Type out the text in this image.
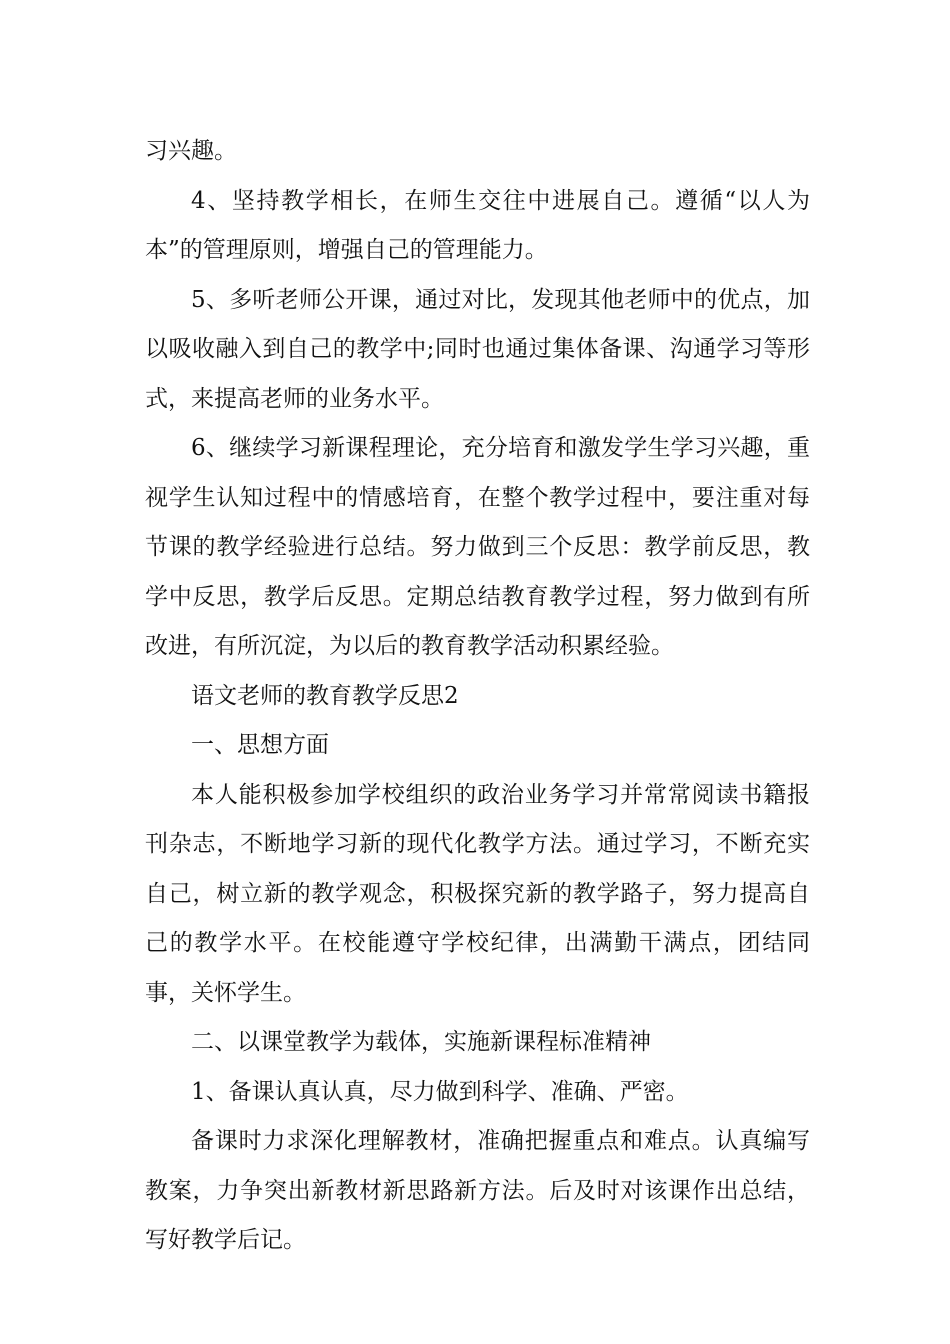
习兴趣。

4、坚持教学相长，在师生交往中进展自己。遵循“以人为本”的管理原则，增强自己的管理能力。

5、多听老师公开课，通过对比，发现其他老师中的优点，加以吸收融入到自己的教学中;同时也通过集体备课、沟通学习等形式，来提高老师的业务水平。

6、继续学习新课程理论，充分培育和激发学生学习兴趣，重视学生认知过程中的情感培育，在整个教学过程中，要注重对每节课的教学经验进行总结。努力做到三个反思：教学前反思，教学中反思，教学后反思。定期总结教育教学过程，努力做到有所改进，有所沉淀，为以后的教育教学活动积累经验。

语文老师的教育教学反思2

一、思想方面

本人能积极参加学校组织的政治业务学习并常常阅读书籍报刊杂志，不断地学习新的现代化教学方法。通过学习，不断充实自己，树立新的教学观念，积极探究新的教学路子，努力提高自己的教学水平。在校能遵守学校纪律，出满勤干满点，团结同事，关怀学生。

二、以课堂教学为载体，实施新课程标准精神

1、备课认真认真，尽力做到科学、准确、严密。

备课时力求深化理解教材，准确把握重点和难点。认真编写教案，力争突出新教材新思路新方法。后及时对该课作出总结，写好教学后记。
